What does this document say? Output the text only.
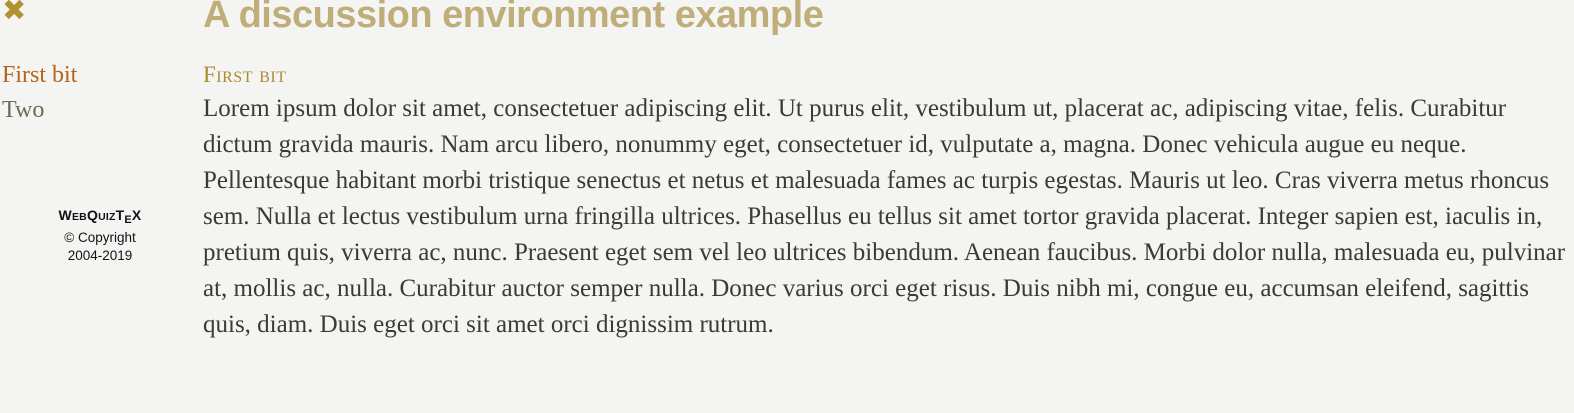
✖
First bit
Two
$WEBQUIZT_EX$
© Copyright
2004-2019
A discussion environment example
First bit

Lorem ipsum dolor sit amet, consectetuer adipiscing elit. Ut purus elit, vestibulum ut, placerat ac, adipiscing vitae, felis. Curabitur dictum gravida mauris. Nam arcu libero, nonummy eget, consectetuer id, vulputate a, magna. Donec vehicula augue eu neque. Pellentesque habitant morbi tristique senectus et netus et malesuada fames ac turpis egestas. Mauris ut leo. Cras viverra metus rhoncus sem. Nulla et lectus vestibulum urna fringilla ultrices. Phasellus eu tellus sit amet tortor gravida placerat. Integer sapien est, iaculis in, pretium quis, viverra ac, nunc. Praesent eget sem vel leo ultrices bibendum. Aenean faucibus. Morbi dolor nulla, malesuada eu, pulvinar at, mollis ac, nulla. Curabitur auctor semper nulla. Donec varius orci eget risus. Duis nibh mi, congue eu, accumsan eleifend, sagittis quis, diam. Duis eget orci sit amet orci dignissim rutrum.
